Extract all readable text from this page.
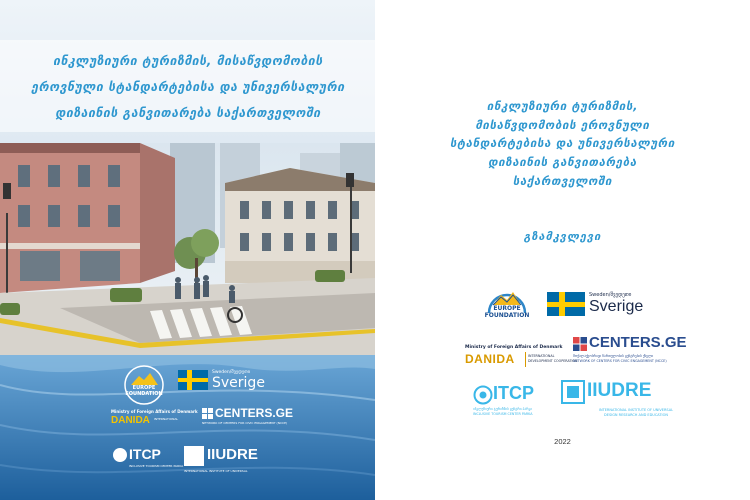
ინკლუზიური ტურიზმის, მისაწვდომობის
ეროვნული სტანდარტებისა და უნივერსალური
დიზაინის განვითარება საქართველოში
EUROPE
FOUNDATION
Sweden/შვედეთი
Sverige
Ministry of Foreign Affairs of Denmark
DANIDA INTERNATIONAL	CENTERS.GE
NETWORK OF CENTERS FOR CIVIC ENGAGEMENT (NCCE)
ITCP
INCLUSIVE TOURISM CENTER PARKA
IIUDRE
INTERNATIONAL INSTITUTE OF UNIVERSAL
ინკლუზიური ტურიზმის,
მისაწვდომობის ეროვნული
სტანდარტებისა და უნივერსალური
დიზაინის განვითარება
საქართველოში
გზამკვლევი
EUROPE
FOUNDATION
Sweden/შვედეთი
Sverige
Ministry of Foreign Affairs of Denmark
DANIDA	INTERNATIONAL
DEVELOPMENT COOPERATION
CENTERS.GE
მოქალაქეობრივი ჩართულობის ცენტრების ქსელი
NETWORK OF CENTERS FOR CIVIC ENGAGEMENT (NCCE)
ITCP
ინკლუზიური ტურიზმის ცენტრი პარკი
INCLUSIVE TOURISM CENTER PARKA
IIUDRE
INTERNATIONAL INSTITUTE OF UNIVERSAL
DESIGN RESEARCH AND EDUCATION
2022
